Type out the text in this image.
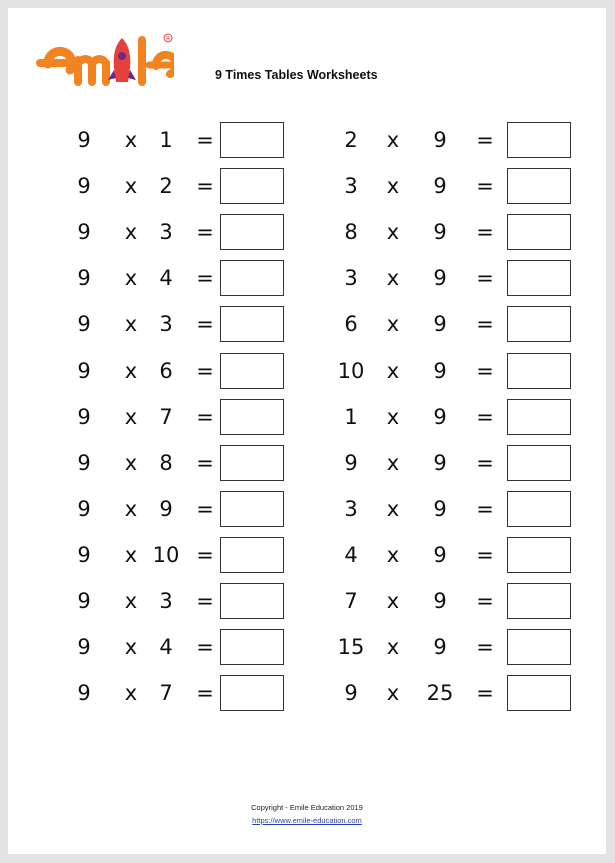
R
9 Times Tables Worksheets
9	x	1	=
9	x	2	=
9	x	3	=
9	x	4	=
9	x	3	=
9	x	6	=
9	x	7	=
9	x	8	=
9	x	9	=
9	x 10 =
9	x	3	=
9	x	4	=
9	x	7	=
2	x	9	=
3	x	9	=
8	x	9	=
3	x	9	=
6	x	9	=
10	x	9	=
1	x	9	=
9	x	9	=
3	x	9	=
4	x	9	=
7	x	9	=
15	x	9	=
9	x	25	=
Copyright - Emile Education 2019
https://www.emile-education.com
